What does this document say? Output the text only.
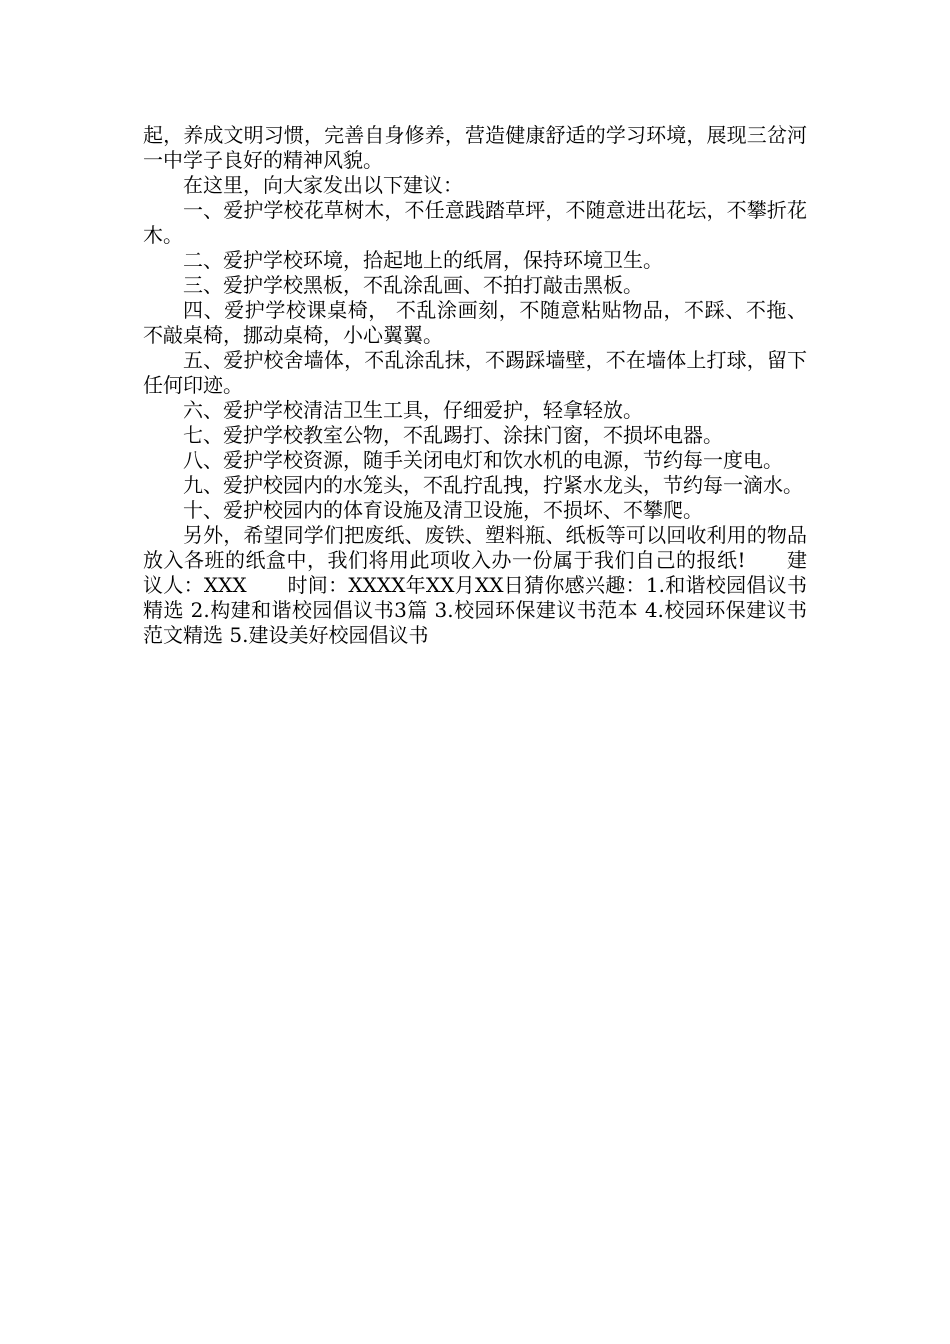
起，养成文明习惯，完善自身修养，营造健康舒适的学习环境，展现三岔河一中学子良好的精神风貌。

在这里，向大家发出以下建议：

一、爱护学校花草树木，不任意践踏草坪，不随意进出花坛，不攀折花木。

二、爱护学校环境，拾起地上的纸屑，保持环境卫生。

三、爱护学校黑板，不乱涂乱画、不拍打敲击黑板。

四、爱护学校课桌椅， 不乱涂画刻，不随意粘贴物品，不踩、不拖、不敲桌椅，挪动桌椅，小心翼翼。

五、爱护校舍墙体，不乱涂乱抹，不踢踩墙壁，不在墙体上打球，留下任何印迹。

六、爱护学校清洁卫生工具，仔细爱护，轻拿轻放。

七、爱护学校教室公物，不乱踢打、涂抹门窗，不损坏电器。

八、爱护学校资源，随手关闭电灯和饮水机的电源，节约每一度电。

九、爱护校园内的水笼头，不乱拧乱拽，拧紧水龙头，节约每一滴水。

十、爱护校园内的体育设施及清卫设施，不损坏、不攀爬。

另外，希望同学们把废纸、废铁、塑料瓶、纸板等可以回收利用的物品放入各班的纸盒中，我们将用此项收入办一份属于我们自己的报纸!　　建议人：XXX　　时间：XXXX年XX月XX日猜你感兴趣：1.和谐校园倡议书精选 2.构建和谐校园倡议书3篇 3.校园环保建议书范本 4.校园环保建议书范文精选 5.建设美好校园倡议书
